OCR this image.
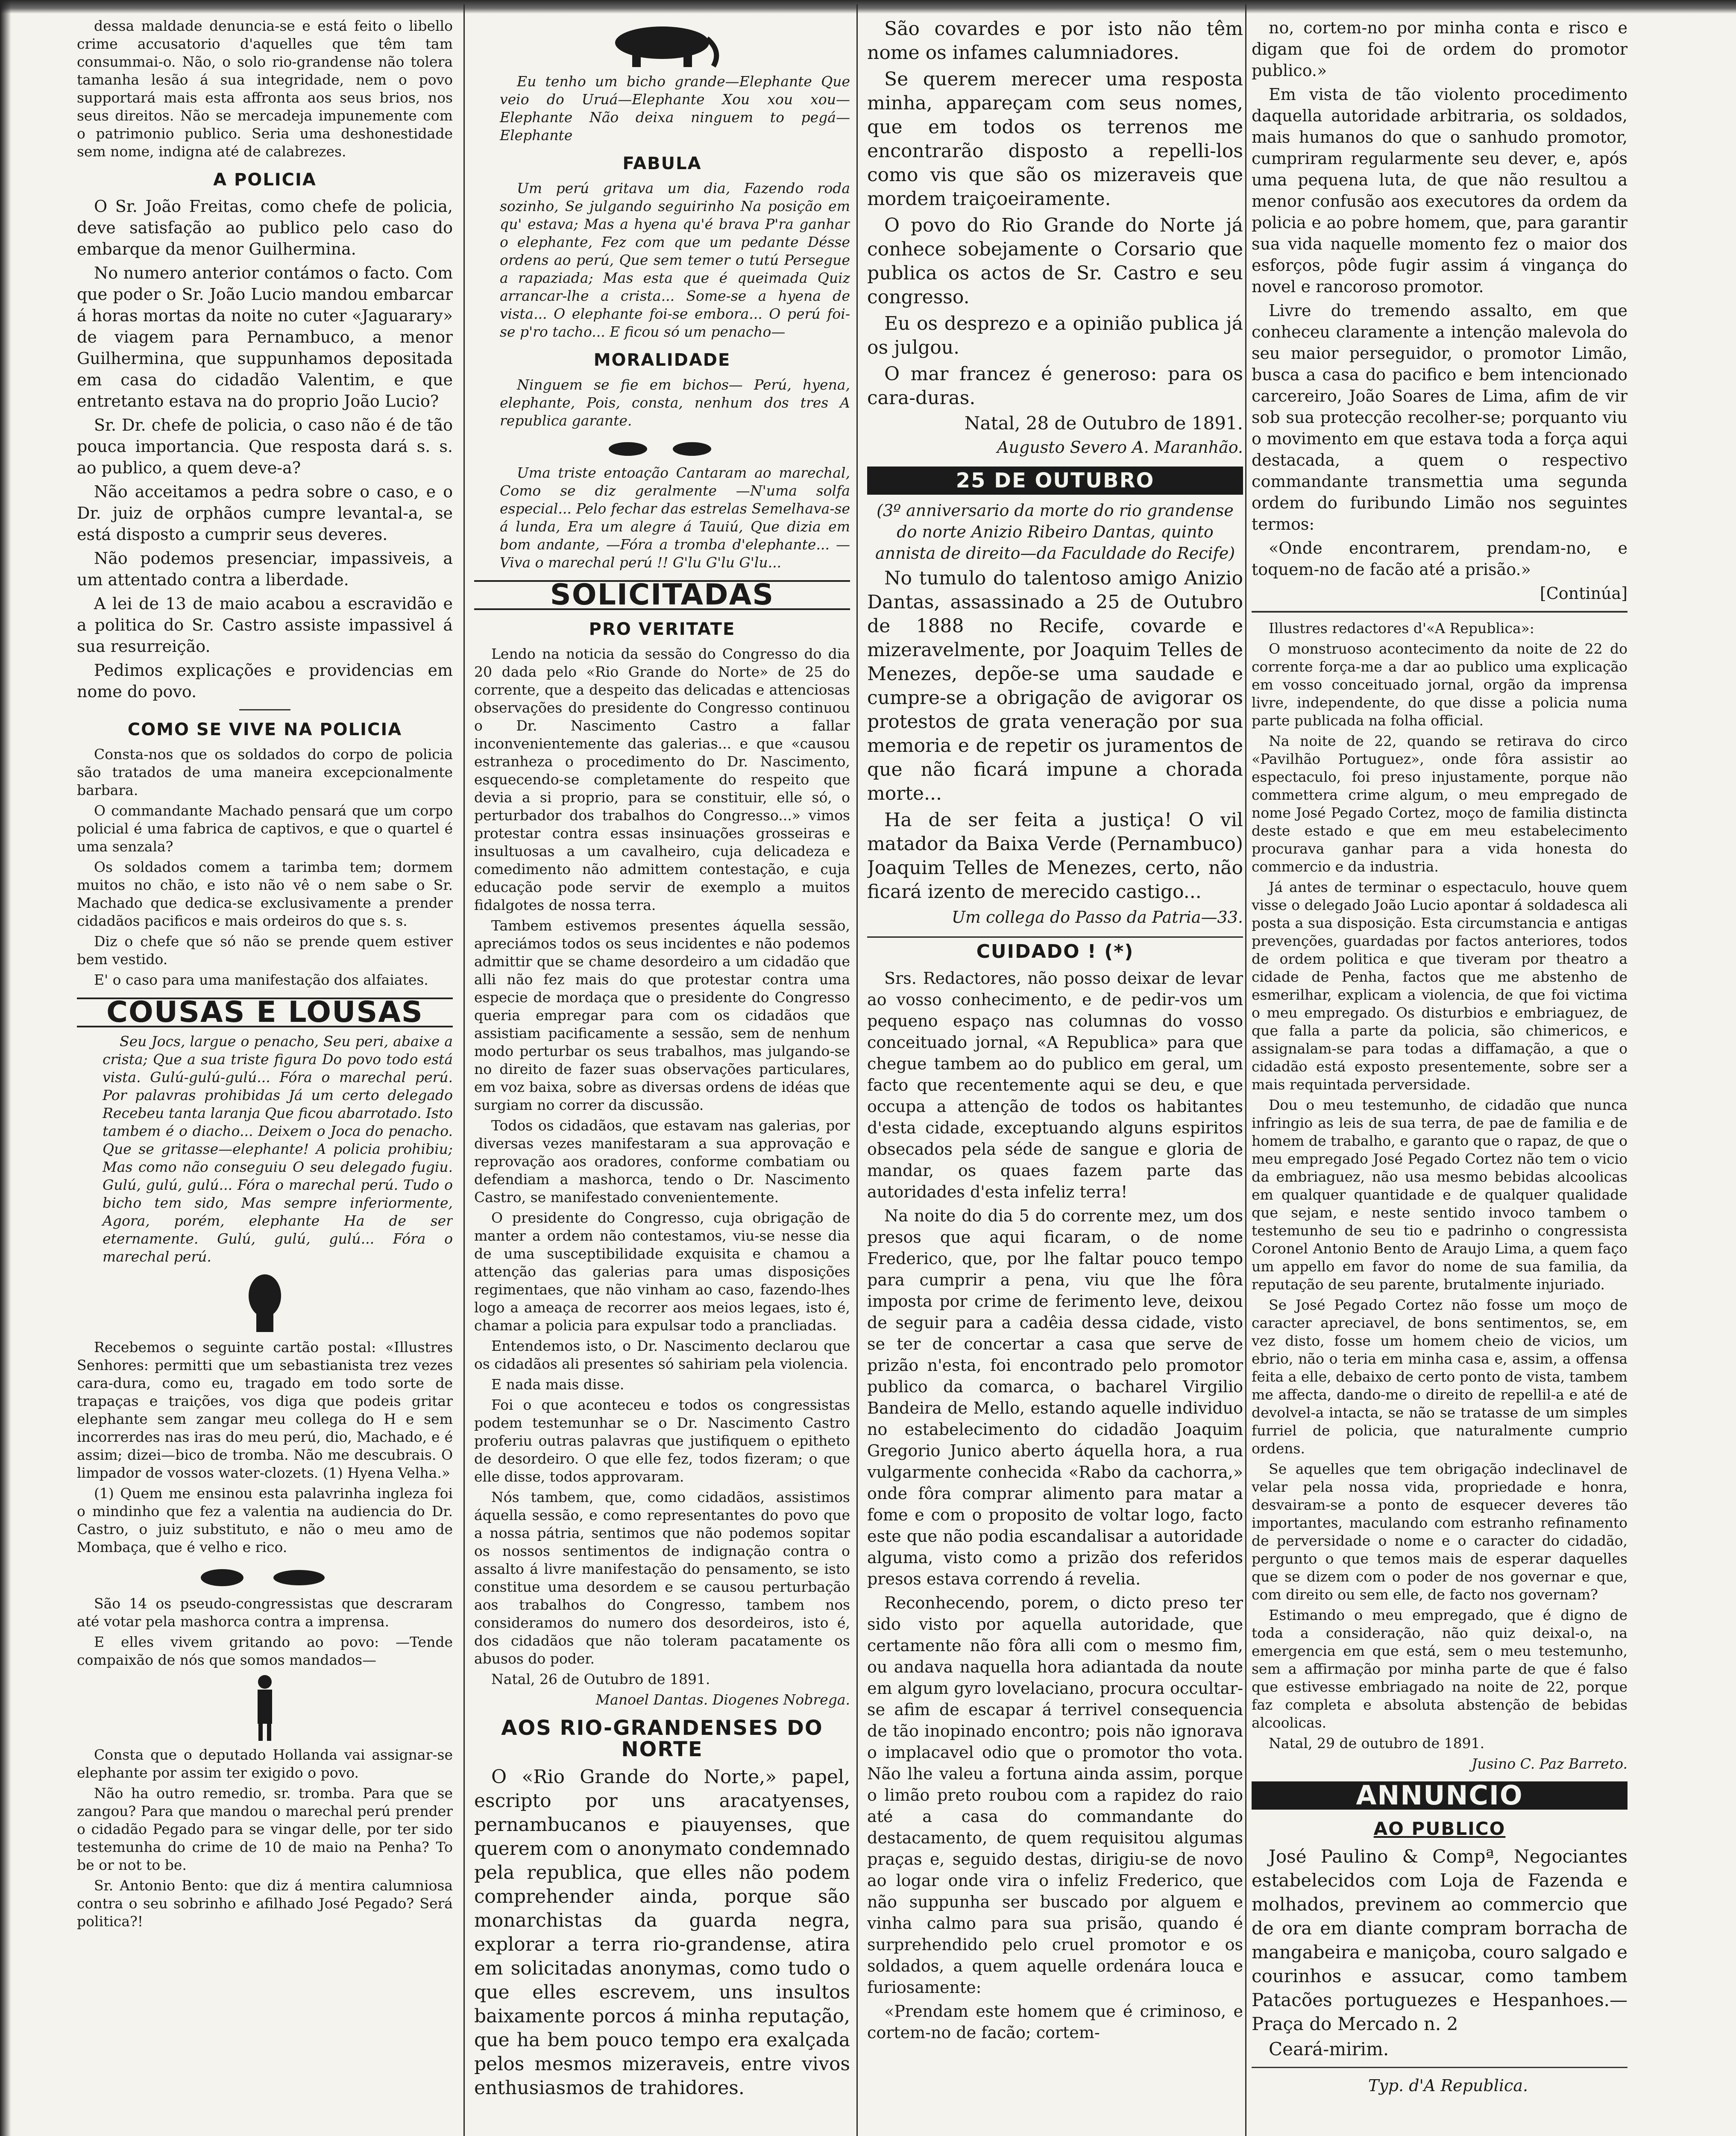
dessa maldade denuncia-se e está feito o libello crime accusatorio d'aquelles que têm tam consummai-o. Não, o solo rio-grandense não tolera tamanha lesão á sua integridade, nem o povo supportará mais esta affronta aos seus brios, nos seus direitos. Não se mercadeja impunemente com o patrimonio publico. Seria uma deshonestidade sem nome, indigna até de calabrezes.

A POLICIA

O Sr. João Freitas, como chefe de policia, deve satisfação ao publico pelo caso do embarque da menor Guilhermina.

No numero anterior contámos o facto. Com que poder o Sr. João Lucio mandou embarcar á horas mortas da noite no cuter «Jaguarary» de viagem para Pernambuco, a menor Guilhermina, que suppunhamos depositada em casa do cidadão Valentim, e que entretanto estava na do proprio João Lucio?

Sr. Dr. chefe de policia, o caso não é de tão pouca importancia. Que resposta dará s. s. ao publico, a quem deve-a?

Não acceitamos a pedra sobre o caso, e o Dr. juiz de orphãos cumpre levantal-a, se está disposto a cumprir seus deveres.

Não podemos presenciar, impassiveis, a um attentado contra a liberdade.

A lei de 13 de maio acabou a escravidão e a politica do Sr. Castro assiste impassivel á sua resurreição.

Pedimos explicações e providencias em nome do povo.

COMO SE VIVE NA POLICIA

Consta-nos que os soldados do corpo de policia são tratados de uma maneira excepcionalmente barbara.

O commandante Machado pensará que um corpo policial é uma fabrica de captivos, e que o quartel é uma senzala?

Os soldados comem a tarimba tem; dormem muitos no chão, e isto não vê o nem sabe o Sr. Machado que dedica-se exclusivamente a prender cidadãos pacificos e mais ordeiros do que s. s.

Diz o chefe que só não se prende quem estiver bem vestido.

E' o caso para uma manifestação dos alfaiates.

COUSAS E LOUSAS

Seu Jocs, largue o penacho, Seu peri, abaixe a crista; Que a sua triste figura Do povo todo está vista. Gulú-gulú-gulú... Fóra o marechal perú. Por palavras prohibidas Já um certo delegado Recebeu tanta laranja Que ficou abarrotado. Isto tambem é o diacho... Deixem o Joca do penacho. Que se gritasse—elephante! A policia prohibiu; Mas como não conseguiu O seu delegado fugiu. Gulú, gulú, gulú... Fóra o marechal perú. Tudo o bicho tem sido, Mas sempre inferiormente, Agora, porém, elephante Ha de ser eternamente. Gulú, gulú, gulú... Fóra o marechal perú.

Recebemos o seguinte cartão postal: «Illustres Senhores: permitti que um sebastianista trez vezes cara-dura, como eu, tragado em todo sorte de trapaças e traições, vos diga que podeis gritar elephante sem zangar meu collega do H e sem incorrerdes nas iras do meu perú, dio, Machado, e é assim; dizei—bico de tromba. Não me descubrais. O limpador de vossos water-clozets. (1) Hyena Velha.»

(1) Quem me ensinou esta palavrinha ingleza foi o mindinho que fez a valentia na audiencia do Dr. Castro, o juiz substituto, e não o meu amo de Mombaça, que é velho e rico.

São 14 os pseudo-congressistas que descraram até votar pela mashorca contra a imprensa.

E elles vivem gritando ao povo: —Tende compaixão de nós que somos mandados—

Consta que o deputado Hollanda vai assignar-se elephante por assim ter exigido o povo.

Não ha outro remedio, sr. tromba. Para que se zangou? Para que mandou o marechal perú prender o cidadão Pegado para se vingar delle, por ter sido testemunha do crime de 10 de maio na Penha? To be or not to be.

Sr. Antonio Bento: que diz á mentira calumniosa contra o seu sobrinho e afilhado José Pegado? Será politica?!

Eu tenho um bicho grande—Elephante Que veio do Uruá—Elephante Xou xou xou—Elephante Não deixa ninguem to pegá—Elephante

FABULA

Um perú gritava um dia, Fazendo roda sozinho, Se julgando seguirinho Na posição em qu' estava; Mas a hyena qu'é brava P'ra ganhar o elephante, Fez com que um pedante Désse ordens ao perú, Que sem temer o tutú Persegue a rapaziada; Mas esta que é queimada Quiz arrancar-lhe a crista... Some-se a hyena de vista... O elephante foi-se embora... O perú foi-se p'ro tacho... E ficou só um penacho—

MORALIDADE

Ninguem se fie em bichos— Perú, hyena, elephante, Pois, consta, nenhum dos tres A republica garante.

Uma triste entoação Cantaram ao marechal, Como se diz geralmente —N'uma solfa especial... Pelo fechar das estrelas Semelhava-se á lunda, Era um alegre á Tauiú, Que dizia em bom andante, —Fóra a tromba d'elephante... —Viva o marechal perú !! G'lu G'lu G'lu...

SOLICITADAS
PRO VERITATE

Lendo na noticia da sessão do Congresso do dia 20 dada pelo «Rio Grande do Norte» de 25 do corrente, que a despeito das delicadas e attenciosas observações do presidente do Congresso continuou o Dr. Nascimento Castro a fallar inconvenientemente das galerias... e que «causou estranheza o procedimento do Dr. Nascimento, esquecendo-se completamente do respeito que devia a si proprio, para se constituir, elle só, o perturbador dos trabalhos do Congresso...» vimos protestar contra essas insinuações grosseiras e insultuosas a um cavalheiro, cuja delicadeza e comedimento não admittem contestação, e cuja educação pode servir de exemplo a muitos fidalgotes de nossa terra.

Tambem estivemos presentes áquella sessão, apreciámos todos os seus incidentes e não podemos admittir que se chame desordeiro a um cidadão que alli não fez mais do que protestar contra uma especie de mordaça que o presidente do Congresso queria empregar para com os cidadãos que assistiam pacificamente a sessão, sem de nenhum modo perturbar os seus trabalhos, mas julgando-se no direito de fazer suas observações particulares, em voz baixa, sobre as diversas ordens de idéas que surgiam no correr da discussão.

Todos os cidadãos, que estavam nas galerias, por diversas vezes manifestaram a sua approvação e reprovação aos oradores, conforme combatiam ou defendiam a mashorca, tendo o Dr. Nascimento Castro, se manifestado convenientemente.

O presidente do Congresso, cuja obrigação de manter a ordem não contestamos, viu-se nesse dia de uma susceptibilidade exquisita e chamou a attenção das galerias para umas disposições regimentaes, que não vinham ao caso, fazendo-lhes logo a ameaça de recorrer aos meios legaes, isto é, chamar a policia para expulsar todo a prancliadas.

Entendemos isto, o Dr. Nascimento declarou que os cidadãos ali presentes só sahiriam pela violencia.

E nada mais disse.

Foi o que aconteceu e todos os congressistas podem testemunhar se o Dr. Nascimento Castro proferiu outras palavras que justifiquem o epitheto de desordeiro. O que elle fez, todos fizeram; o que elle disse, todos approvaram.

Nós tambem, que, como cidadãos, assistimos áquella sessão, e como representantes do povo que a nossa pátria, sentimos que não podemos sopitar os nossos sentimentos de indignação contra o assalto á livre manifestação do pensamento, se isto constitue uma desordem e se causou perturbação aos trabalhos do Congresso, tambem nos consideramos do numero dos desordeiros, isto é, dos cidadãos que não toleram pacatamente os abusos do poder.

Natal, 26 de Outubro de 1891.

Manoel Dantas. Diogenes Nobrega.

AOS RIO-GRANDENSES DO NORTE

O «Rio Grande do Norte,» papel, escripto por uns aracatyenses, pernambucanos e piauyenses, que querem com o anonymato condemnado pela republica, que elles não podem comprehender ainda, porque são monarchistas da guarda negra, explorar a terra rio-grandense, atira em solicitadas anonymas, como tudo o que elles escrevem, uns insultos baixamente porcos á minha reputação, que ha bem pouco tempo era exalçada pelos mesmos mizeraveis, entre vivos enthusiasmos de trahidores.

São covardes e por isto não têm nome os infames calumniadores.

Se querem merecer uma resposta minha, appareçam com seus nomes, que em todos os terrenos me encontrarão disposto a repelli-los como vis que são os mizeraveis que mordem traiçoeiramente.

O povo do Rio Grande do Norte já conhece sobejamente o Corsario que publica os actos de Sr. Castro e seu congresso.

Eu os desprezo e a opinião publica já os julgou.

O mar francez é generoso: para os cara-duras.

Natal, 28 de Outubro de 1891.

Augusto Severo A. Maranhão.

25 DE OUTUBRO

(3º anniversario da morte do rio grandense do norte Anizio Ribeiro Dantas, quinto annista de direito—da Faculdade do Recife)

No tumulo do talentoso amigo Anizio Dantas, assassinado a 25 de Outubro de 1888 no Recife, covarde e mizeravelmente, por Joaquim Telles de Menezes, depõe-se uma saudade e cumpre-se a obrigação de avigorar os protestos de grata veneração por sua memoria e de repetir os juramentos de que não ficará impune a chorada morte...

Ha de ser feita a justiça! O vil matador da Baixa Verde (Pernambuco) Joaquim Telles de Menezes, certo, não ficará izento de merecido castigo...

Um collega do Passo da Patria—33.

CUIDADO ! (*)

Srs. Redactores, não posso deixar de levar ao vosso conhecimento, e de pedir-vos um pequeno espaço nas columnas do vosso conceituado jornal, «A Republica» para que chegue tambem ao do publico em geral, um facto que recentemente aqui se deu, e que occupa a attenção de todos os habitantes d'esta cidade, exceptuando alguns espiritos obsecados pela séde de sangue e gloria de mandar, os quaes fazem parte das autoridades d'esta infeliz terra!

Na noite do dia 5 do corrente mez, um dos presos que aqui ficaram, o de nome Frederico, que, por lhe faltar pouco tempo para cumprir a pena, viu que lhe fôra imposta por crime de ferimento leve, deixou de seguir para a cadêia dessa cidade, visto se ter de concertar a casa que serve de prizão n'esta, foi encontrado pelo promotor publico da comarca, o bacharel Virgilio Bandeira de Mello, estando aquelle individuo no estabelecimento do cidadão Joaquim Gregorio Junico aberto áquella hora, a rua vulgarmente conhecida «Rabo da cachorra,» onde fôra comprar alimento para matar a fome e com o proposito de voltar logo, facto este que não podia escandalisar a autoridade alguma, visto como a prizão dos referidos presos estava correndo á revelia.

Reconhecendo, porem, o dicto preso ter sido visto por aquella autoridade, que certamente não fôra alli com o mesmo fim, ou andava naquella hora adiantada da noute em algum gyro lovelaciano, procura occultar-se afim de escapar á terrivel consequencia de tão inopinado encontro; pois não ignorava o implacavel odio que o promotor tho vota. Não lhe valeu a fortuna ainda assim, porque o limão preto roubou com a rapidez do raio até a casa do commandante do destacamento, de quem requisitou algumas praças e, seguido destas, dirigiu-se de novo ao logar onde vira o infeliz Frederico, que não suppunha ser buscado por alguem e vinha calmo para sua prisão, quando é surprehendido pelo cruel promotor e os soldados, a quem aquelle ordenára louca e furiosamente:

«Prendam este homem que é criminoso, e cortem-no de facão; cortem-

no, cortem-no por minha conta e risco e digam que foi de ordem do promotor publico.»

Em vista de tão violento procedimento daquella autoridade arbitraria, os soldados, mais humanos do que o sanhudo promotor, cumpriram regularmente seu dever, e, após uma pequena luta, de que não resultou a menor confusão aos executores da ordem da policia e ao pobre homem, que, para garantir sua vida naquelle momento fez o maior dos esforços, pôde fugir assim á vingança do novel e rancoroso promotor.

Livre do tremendo assalto, em que conheceu claramente a intenção malevola do seu maior perseguidor, o promotor Limão, busca a casa do pacifico e bem intencionado carcereiro, João Soares de Lima, afim de vir sob sua protecção recolher-se; porquanto viu o movimento em que estava toda a força aqui destacada, a quem o respectivo commandante transmettia uma segunda ordem do furibundo Limão nos seguintes termos:

«Onde encontrarem, prendam-no, e toquem-no de facão até a prisão.»

[Continúa]

Illustres redactores d'«A Republica»:

O monstruoso acontecimento da noite de 22 do corrente força-me a dar ao publico uma explicação em vosso conceituado jornal, orgão da imprensa livre, independente, do que disse a policia numa parte publicada na folha official.

Na noite de 22, quando se retirava do circo «Pavilhão Portuguez», onde fôra assistir ao espectaculo, foi preso injustamente, porque não commettera crime algum, o meu empregado de nome José Pegado Cortez, moço de familia distincta deste estado e que em meu estabelecimento procurava ganhar para a vida honesta do commercio e da industria.

Já antes de terminar o espectaculo, houve quem visse o delegado João Lucio apontar á soldadesca ali posta a sua disposição. Esta circumstancia e antigas prevenções, guardadas por factos anteriores, todos de ordem politica e que tiveram por theatro a cidade de Penha, factos que me abstenho de esmerilhar, explicam a violencia, de que foi victima o meu empregado. Os disturbios e embriaguez, de que falla a parte da policia, são chimericos, e assignalam-se para todas a diffamação, a que o cidadão está exposto presentemente, sobre ser a mais requintada perversidade.

Dou o meu testemunho, de cidadão que nunca infringio as leis de sua terra, de pae de familia e de homem de trabalho, e garanto que o rapaz, de que o meu empregado José Pegado Cortez não tem o vicio da embriaguez, não usa mesmo bebidas alcoolicas em qualquer quantidade e de qualquer qualidade que sejam, e neste sentido invoco tambem o testemunho de seu tio e padrinho o congressista Coronel Antonio Bento de Araujo Lima, a quem faço um appello em favor do nome de sua familia, da reputação de seu parente, brutalmente injuriado.

Se José Pegado Cortez não fosse um moço de caracter apreciavel, de bons sentimentos, se, em vez disto, fosse um homem cheio de vicios, um ebrio, não o teria em minha casa e, assim, a offensa feita a elle, debaixo de certo ponto de vista, tambem me affecta, dando-me o direito de repellil-a e até de devolvel-a intacta, se não se tratasse de um simples furriel de policia, que naturalmente cumprio ordens.

Se aquelles que tem obrigação indeclinavel de velar pela nossa vida, propriedade e honra, desvairam-se a ponto de esquecer deveres tão importantes, maculando com estranho refinamento de perversidade o nome e o caracter do cidadão, pergunto o que temos mais de esperar daquelles que se dizem com o poder de nos governar e que, com direito ou sem elle, de facto nos governam?

Estimando o meu empregado, que é digno de toda a consideração, não quiz deixal-o, na emergencia em que está, sem o meu testemunho, sem a affirmação por minha parte de que é falso que estivesse embriagado na noite de 22, porque faz completa e absoluta abstenção de bebidas alcoolicas.

Natal, 29 de outubro de 1891.

Jusino C. Paz Barreto.

ANNUNCIO
AO PUBLICO

José Paulino & Compª, Negociantes estabelecidos com Loja de Fazenda e molhados, previnem ao commercio que de ora em diante compram borracha de mangabeira e maniçoba, couro salgado e courinhos e assucar, como tambem Patacões portuguezes e Hespanhoes.—Praça do Mercado n. 2

Ceará-mirim.

Typ. d'A Republica.
